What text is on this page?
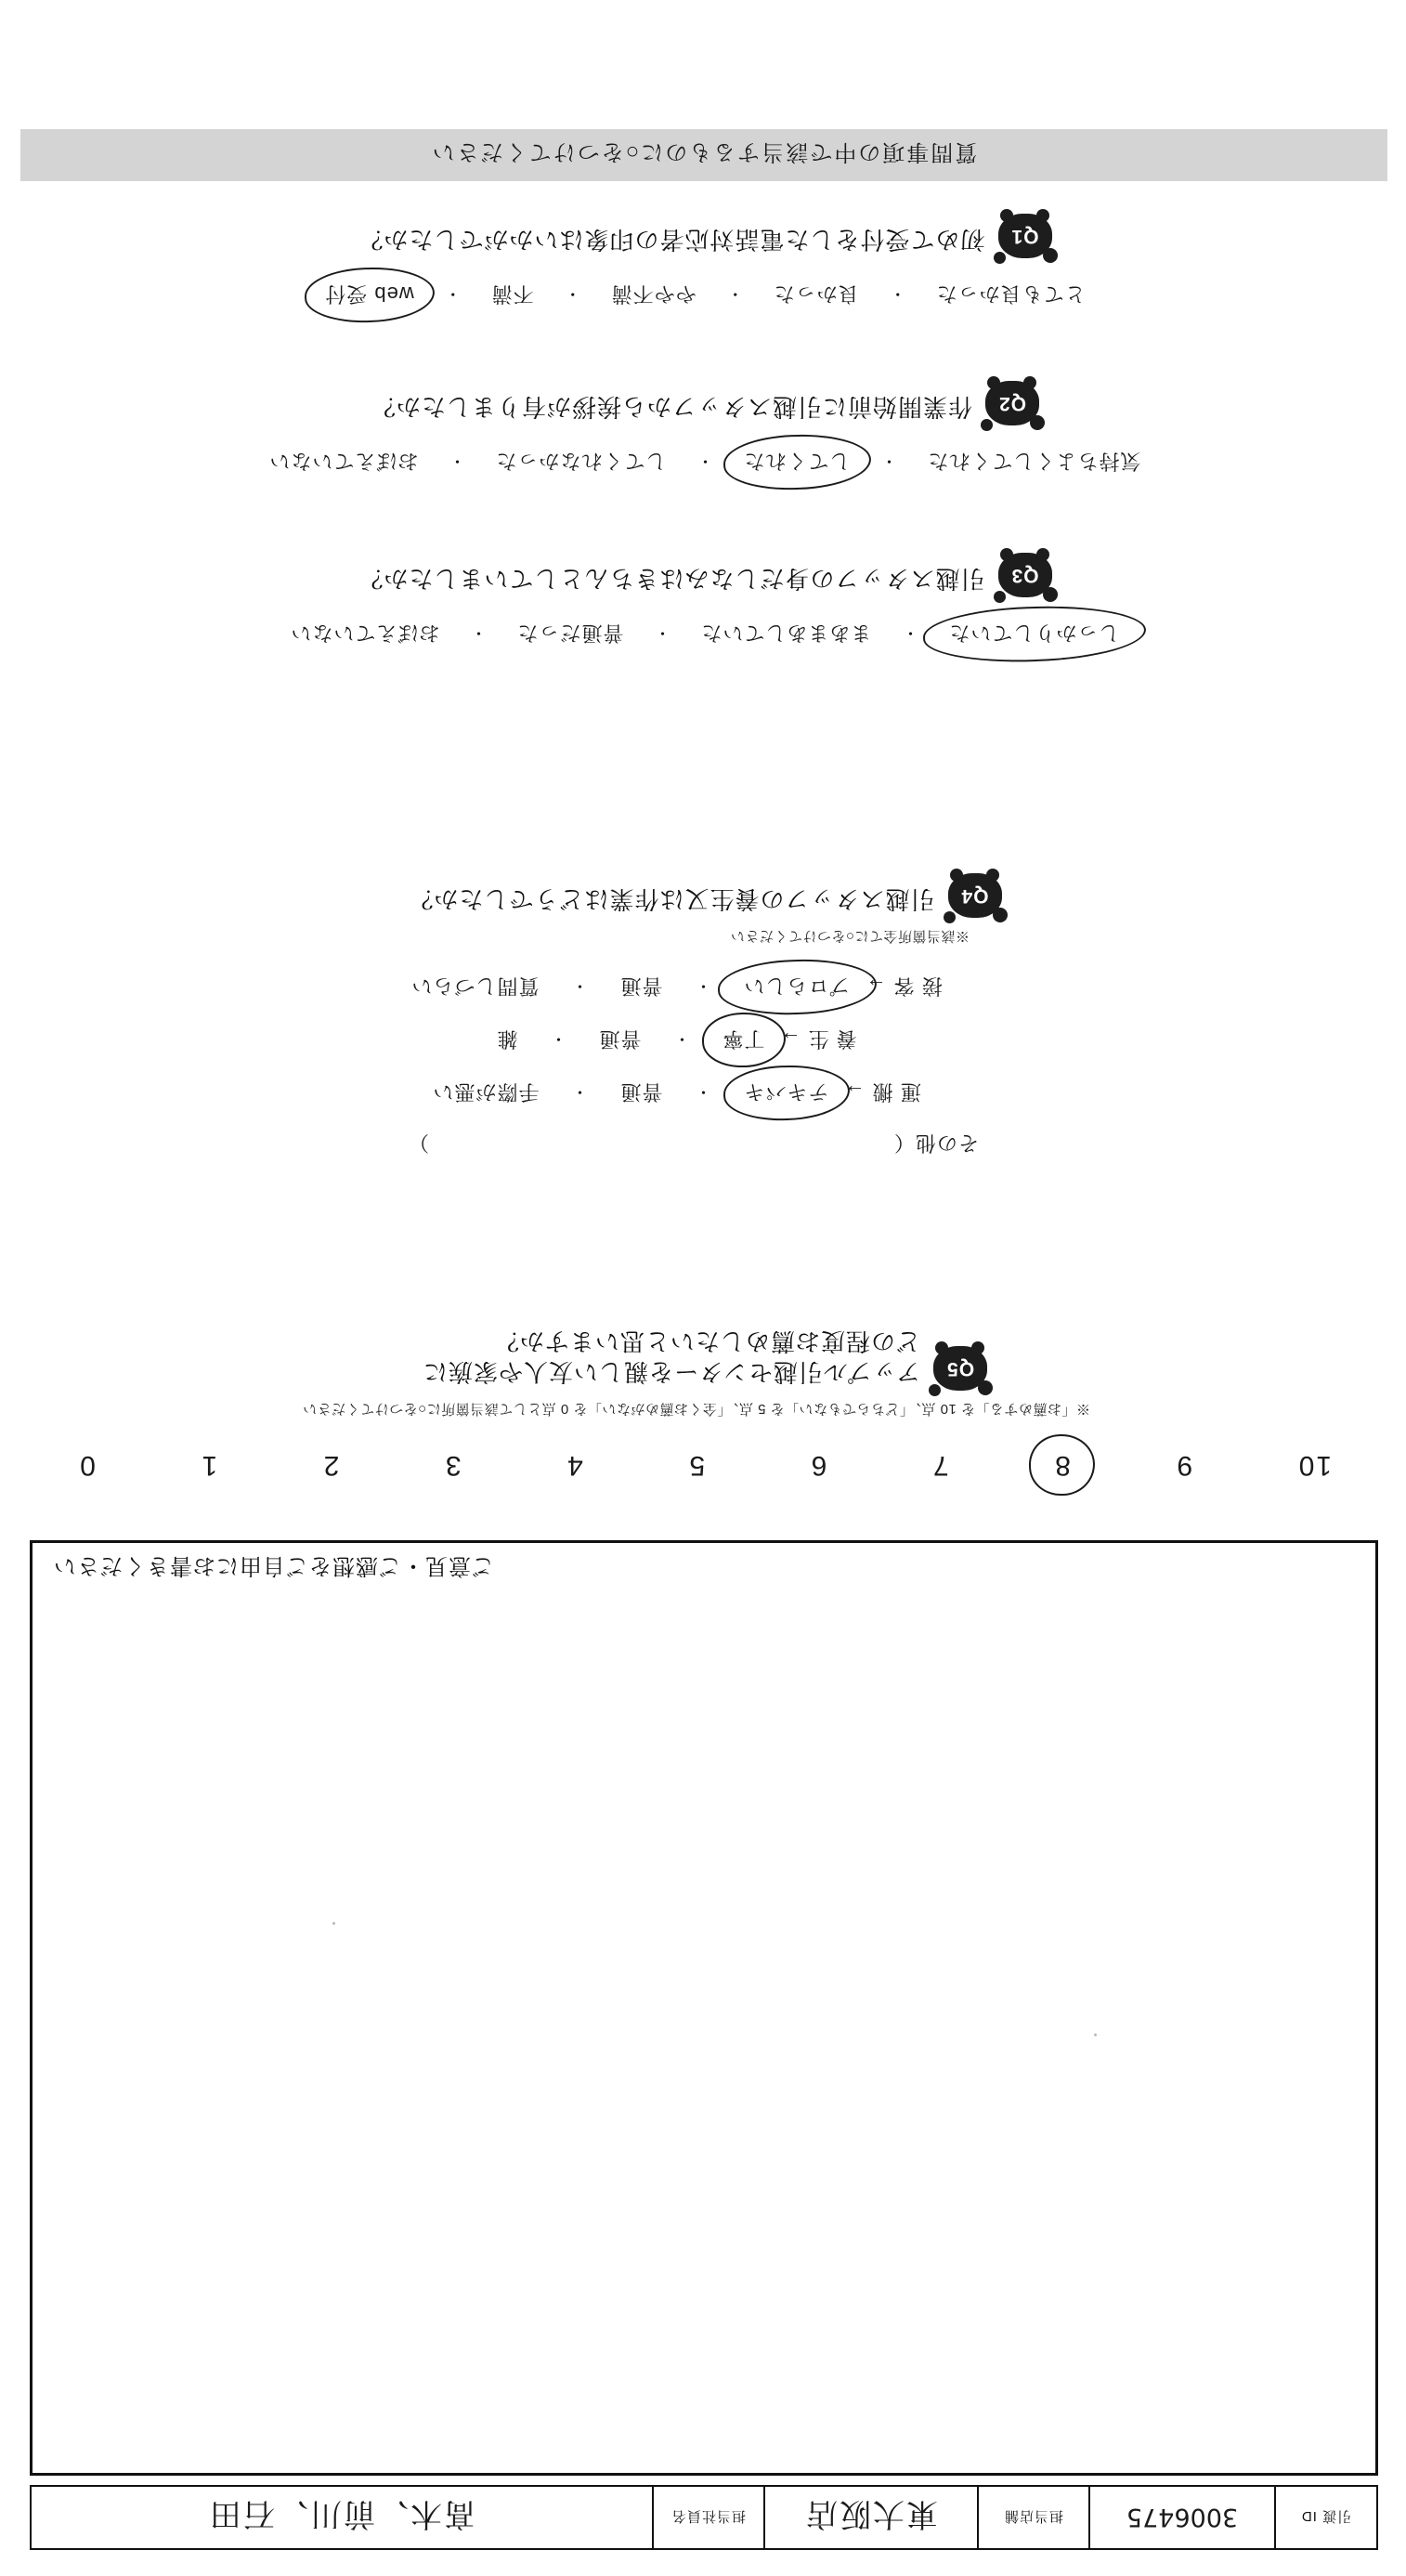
引渡 ID
3006475
担当店舗
東大阪店
担当社員名
髙木、前川、石田
ご意見・ご感想をご自由にお書きください
10
9
8
7
6
5
4
3
2
1
0
※「お薦めする」を 10 点、「どちらでもない」を 5 点、「全くお薦めがない」を 0 点として該当箇所に○をつけてください
Q5
アップル引越センターを親しい友人や家族に
どの程度お薦めしたいと思いますか？
その他（
）
運 搬 →
テキパキ
・
普通
・
手際が悪い
養 生 →
丁寧
・
普通
・
雑
接 客 →
プロらしい
・
普通
・
質問しづらい
※該当箇所全てに○をつけてください
Q4
引越スタッフの養生又は作業はどうでしたか？
しっかりしていた
・
まあまあしていた
・
普通だった
・
おぼえていない
Q3
引越スタッフの身だしなみはきちんとしていましたか？
気持ちよくしてくれた
・
してくれた
・
してくれなかった
・
おぼえていない
Q2
作業開始前に引越スタッフから挨拶が有りましたか？
とても良かった
・
良かった
・
やや不満
・
不満
・
web 受付
Q1
初めて受付をした電話対応者の印象はいかがでしたか？
質問事項の中で該当するものに○をつけてください
